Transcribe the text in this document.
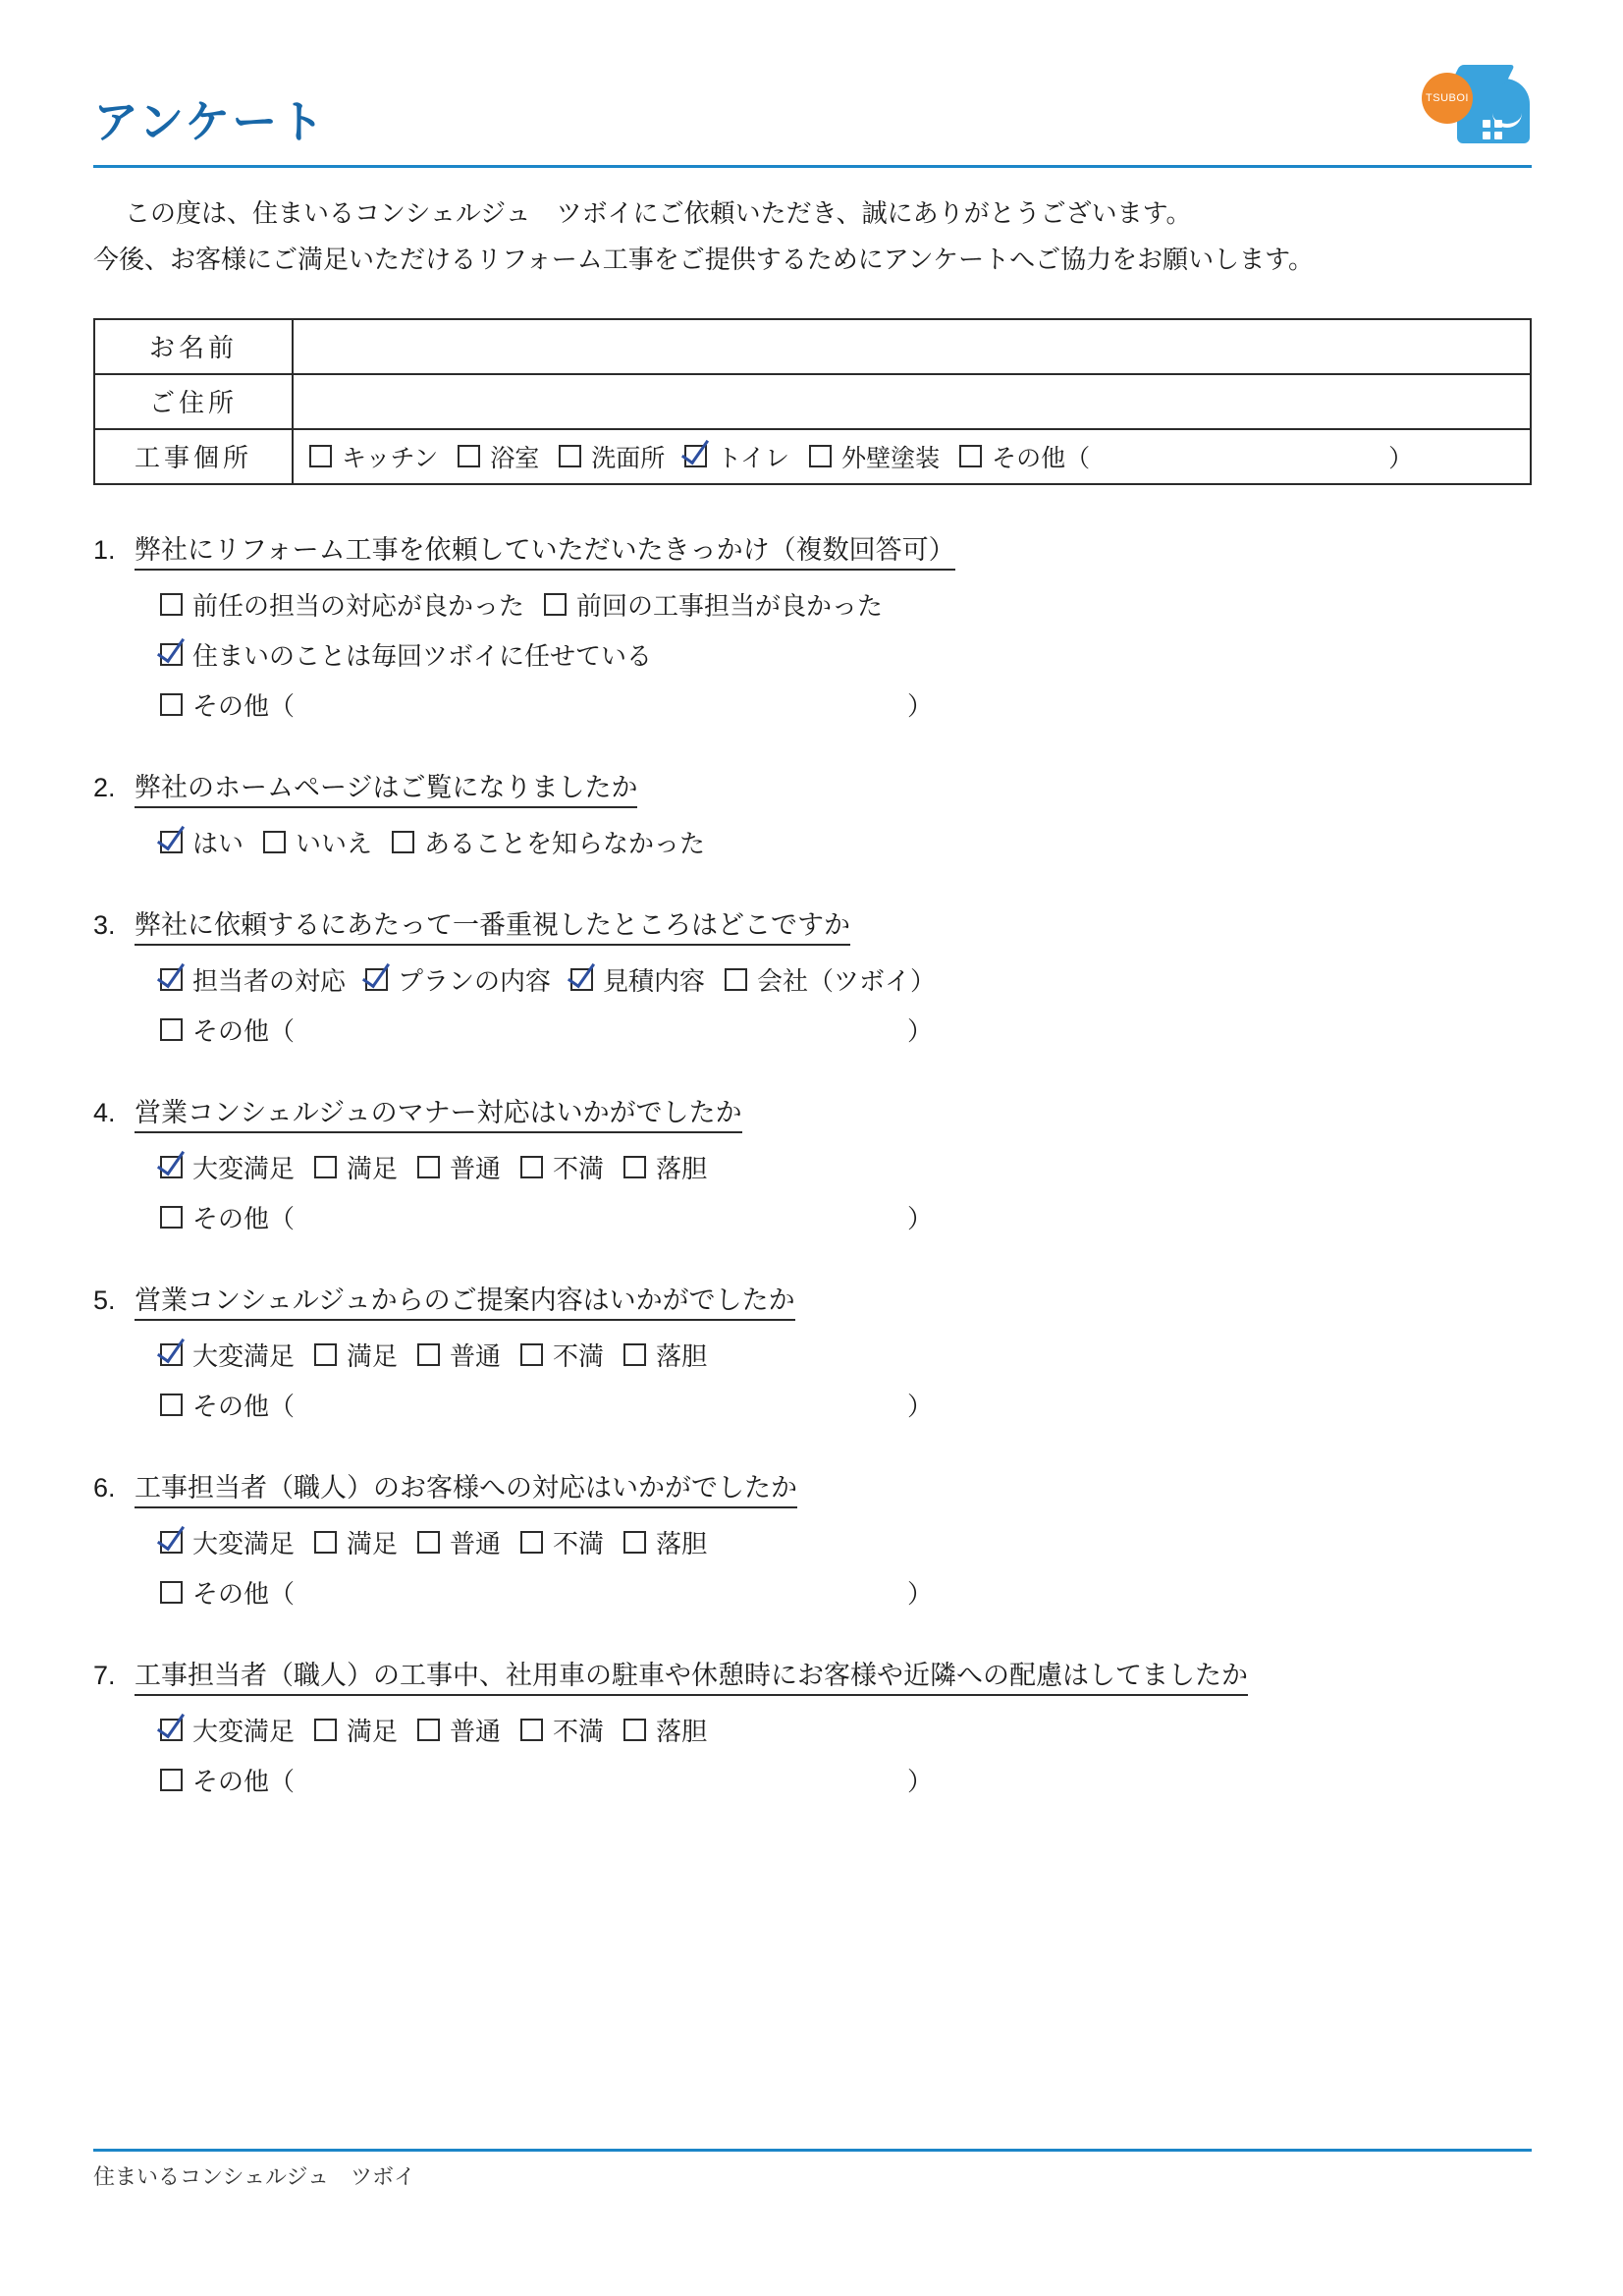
アンケート	TSUBOI

この度は、住まいるコンシェルジュ　ツボイにご依頼いただき、誠にありがとうございます。

今後、お客様にご満足いただけるリフォーム工事をご提供するためにアンケートへご協力をお願いします。

お名前	
ご住所	
工事個所	キッチン 浴室 洗面所 トイレ 外壁塗装 その他（	）
1. 弊社にリフォーム工事を依頼していただいたきっかけ（複数回答可）
前任の担当の対応が良かった 前回の工事担当が良かった
住まいのことは毎回ツボイに任せている
その他（	）
2. 弊社のホームページはご覧になりましたか
はい いいえ あることを知らなかった
3. 弊社に依頼するにあたって一番重視したところはどこですか
担当者の対応 プランの内容 見積内容 会社（ツボイ）
その他（	）
4. 営業コンシェルジュのマナー対応はいかがでしたか
大変満足 満足 普通 不満 落胆
その他（	）
5. 営業コンシェルジュからのご提案内容はいかがでしたか
大変満足 満足 普通 不満 落胆
その他（	）
6. 工事担当者（職人）のお客様への対応はいかがでしたか
大変満足 満足 普通 不満 落胆
その他（	）
7. 工事担当者（職人）の工事中、社用車の駐車や休憩時にお客様や近隣への配慮はしてましたか
大変満足 満足 普通 不満 落胆
その他（	）
住まいるコンシェルジュ　ツボイ
